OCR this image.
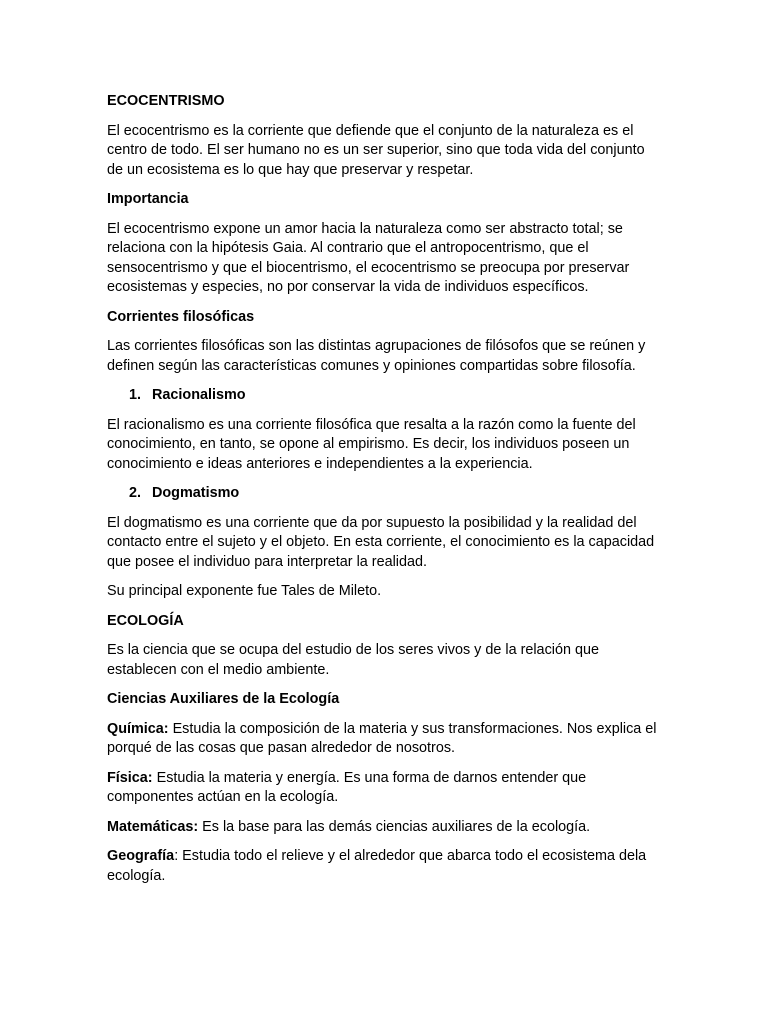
ECOCENTRISMO

El ecocentrismo es la corriente que defiende que el conjunto de la naturaleza es el centro de todo. El ser humano no es un ser superior, sino que toda vida del conjunto de un ecosistema es lo que hay que preservar y respetar.

Importancia

El ecocentrismo expone un amor hacia la naturaleza como ser abstracto total; se relaciona con la hipótesis Gaia. Al contrario que el antropocentrismo, que el sensocentrismo y que el biocentrismo, el ecocentrismo se preocupa por preservar ecosistemas y especies, no por conservar la vida de individuos específicos.

Corrientes filosóficas

Las corrientes filosóficas son las distintas agrupaciones de filósofos que se reúnen y definen según las características comunes y opiniones compartidas sobre filosofía.

1. Racionalismo

El racionalismo es una corriente filosófica que resalta a la razón como la fuente del conocimiento, en tanto, se opone al empirismo. Es decir, los individuos poseen un conocimiento e ideas anteriores e independientes a la experiencia.

2. Dogmatismo

El dogmatismo es una corriente que da por supuesto la posibilidad y la realidad del contacto entre el sujeto y el objeto. En esta corriente, el conocimiento es la capacidad que posee el individuo para interpretar la realidad.

Su principal exponente fue Tales de Mileto.

ECOLOGÍA

Es la ciencia que se ocupa del estudio de los seres vivos y de la relación que establecen con el medio ambiente.

Ciencias Auxiliares de la Ecología

Química: Estudia la composición de la materia y sus transformaciones. Nos explica el porqué de las cosas que pasan alrededor de nosotros.

Física: Estudia la materia y energía. Es una forma de darnos entender que componentes actúan en la ecología.

Matemáticas: Es la base para las demás ciencias auxiliares de la ecología.

Geografía: Estudia todo el relieve y el alrededor que abarca todo el ecosistema dela ecología.
